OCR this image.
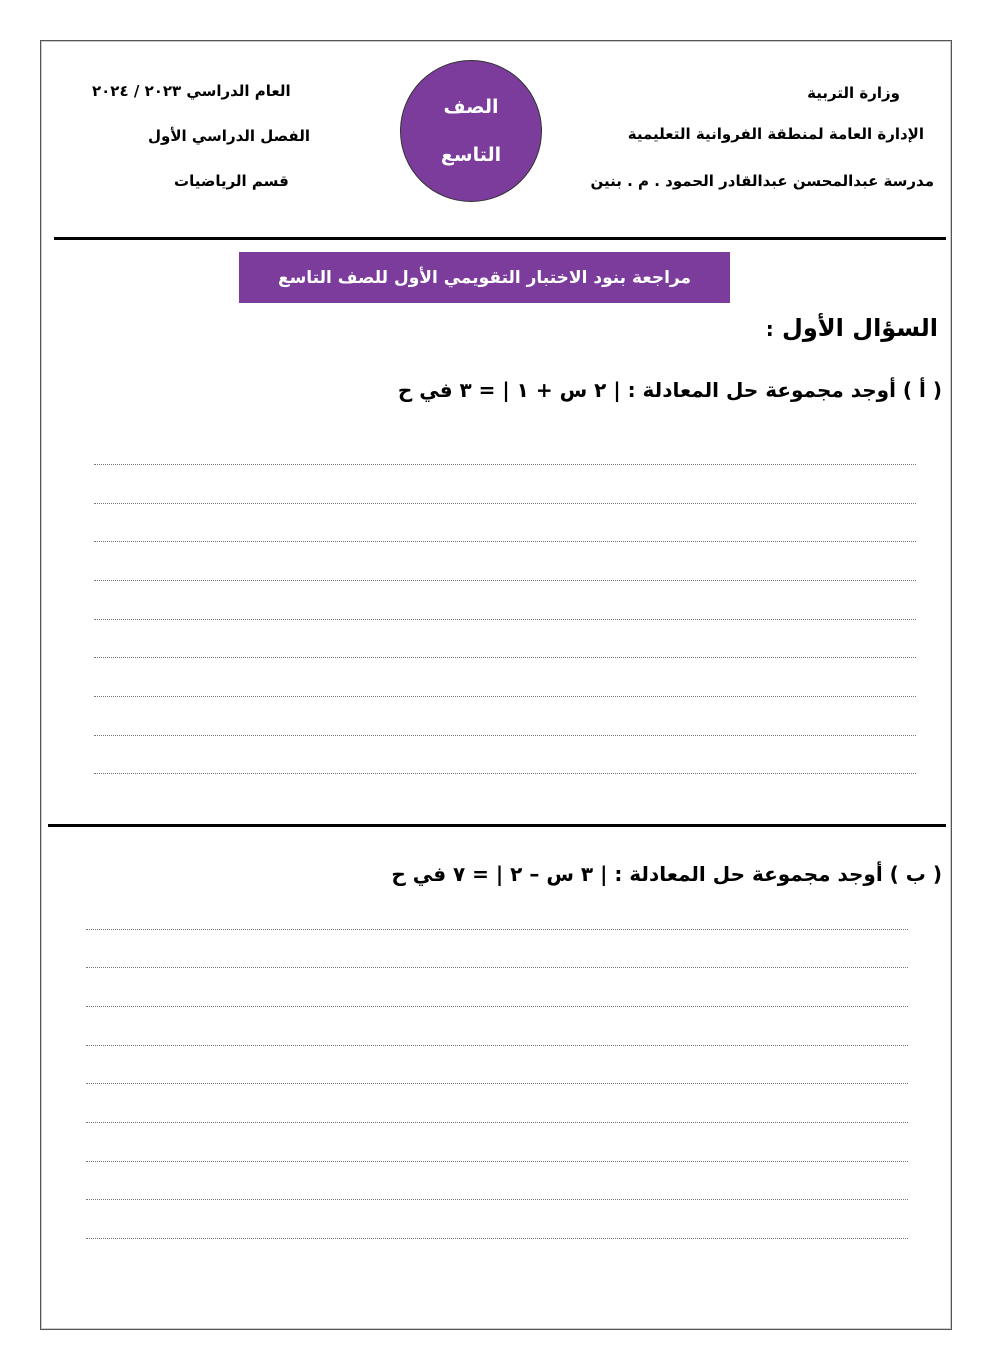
وزارة التربية
الإدارة العامة لمنطقة الفروانية التعليمية
مدرسة عبدالمحسن عبدالقادر الحمود . م . بنين
العام الدراسي ٢٠٢٣ / ٢٠٢٤
الفصل الدراسي الأول
قسم الرياضيات
الصف
التاسع
مراجعة بنود الاختبار التقويمي الأول للصف التاسع
السؤال الأول :
( أ ) أوجد مجموعة حل المعادلة : | ٢ س + ١ | = ٣ في ح
( ب ) أوجد مجموعة حل المعادلة : | ٣ س – ٢ | = ٧ في ح
